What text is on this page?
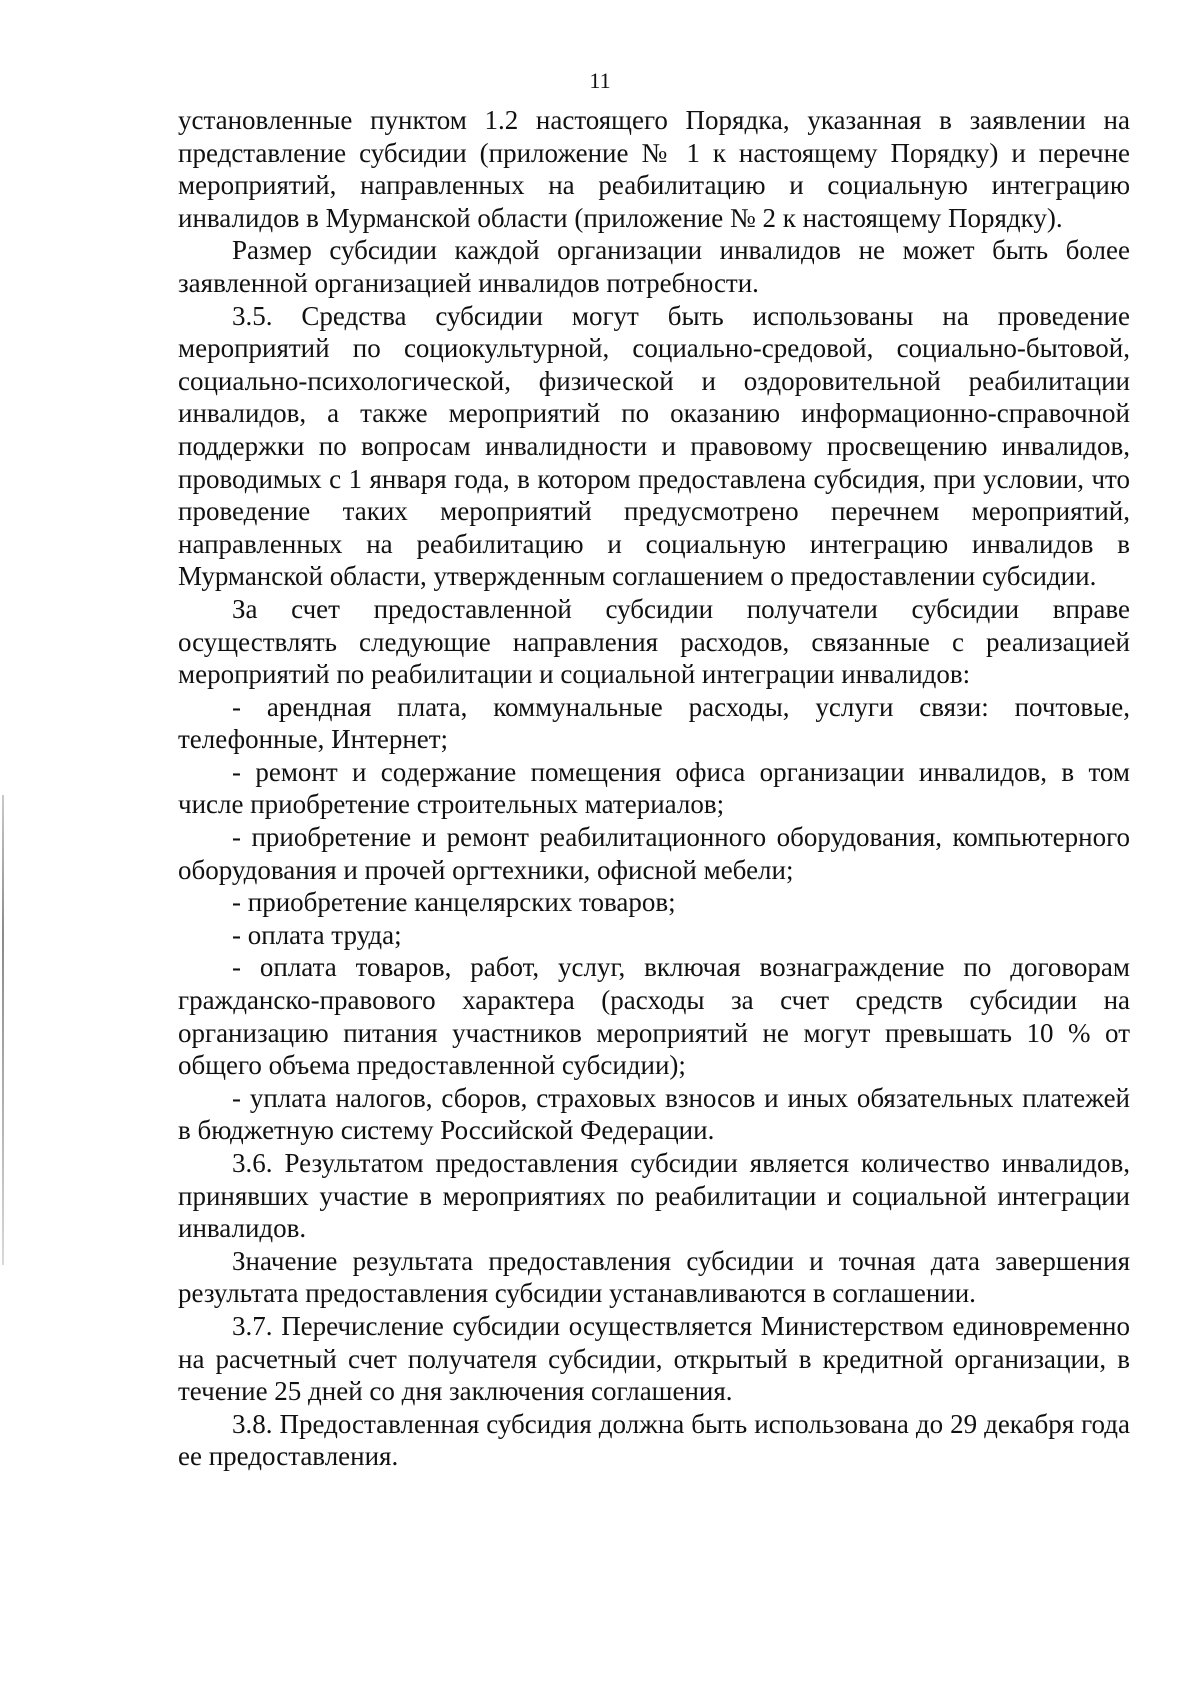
11

установленные пунктом 1.2 настоящего Порядка, указанная в заявлении на представление субсидии (приложение № 1 к настоящему Порядку) и перечне мероприятий, направленных на реабилитацию и социальную интеграцию инвалидов в Мурманской области (приложение № 2 к настоящему Порядку).

Размер субсидии каждой организации инвалидов не может быть более заявленной организацией инвалидов потребности.

3.5. Средства субсидии могут быть использованы на проведение мероприятий по социокультурной, социально-средовой, социально-бытовой, социально-психологической, физической и оздоровительной реабилитации инвалидов, а также мероприятий по оказанию информационно-справочной поддержки по вопросам инвалидности и правовому просвещению инвалидов, проводимых с 1 января года, в котором предоставлена субсидия, при условии, что проведение таких мероприятий предусмотрено перечнем мероприятий, направленных на реабилитацию и социальную интеграцию инвалидов в Мурманской области, утвержденным соглашением о предоставлении субсидии.

За счет предоставленной субсидии получатели субсидии вправе осуществлять следующие направления расходов, связанные с реализацией мероприятий по реабилитации и социальной интеграции инвалидов:

- арендная плата, коммунальные расходы, услуги связи: почтовые, телефонные, Интернет;

- ремонт и содержание помещения офиса организации инвалидов, в том числе приобретение строительных материалов;

- приобретение и ремонт реабилитационного оборудования, компьютерного оборудования и прочей оргтехники, офисной мебели;

- приобретение канцелярских товаров;

- оплата труда;

- оплата товаров, работ, услуг, включая вознаграждение по договорам гражданско-правового характера (расходы за счет средств субсидии на организацию питания участников мероприятий не могут превышать 10 % от общего объема предоставленной субсидии);

- уплата налогов, сборов, страховых взносов и иных обязательных платежей в бюджетную систему Российской Федерации.

3.6. Результатом предоставления субсидии является количество инвалидов, принявших участие в мероприятиях по реабилитации и социальной интеграции инвалидов.

Значение результата предоставления субсидии и точная дата завершения результата предоставления субсидии устанавливаются в соглашении.

3.7. Перечисление субсидии осуществляется Министерством единовременно на расчетный счет получателя субсидии, открытый в кредитной организации, в течение 25 дней со дня заключения соглашения.

3.8. Предоставленная субсидия должна быть использована до 29 декабря года ее предоставления.
